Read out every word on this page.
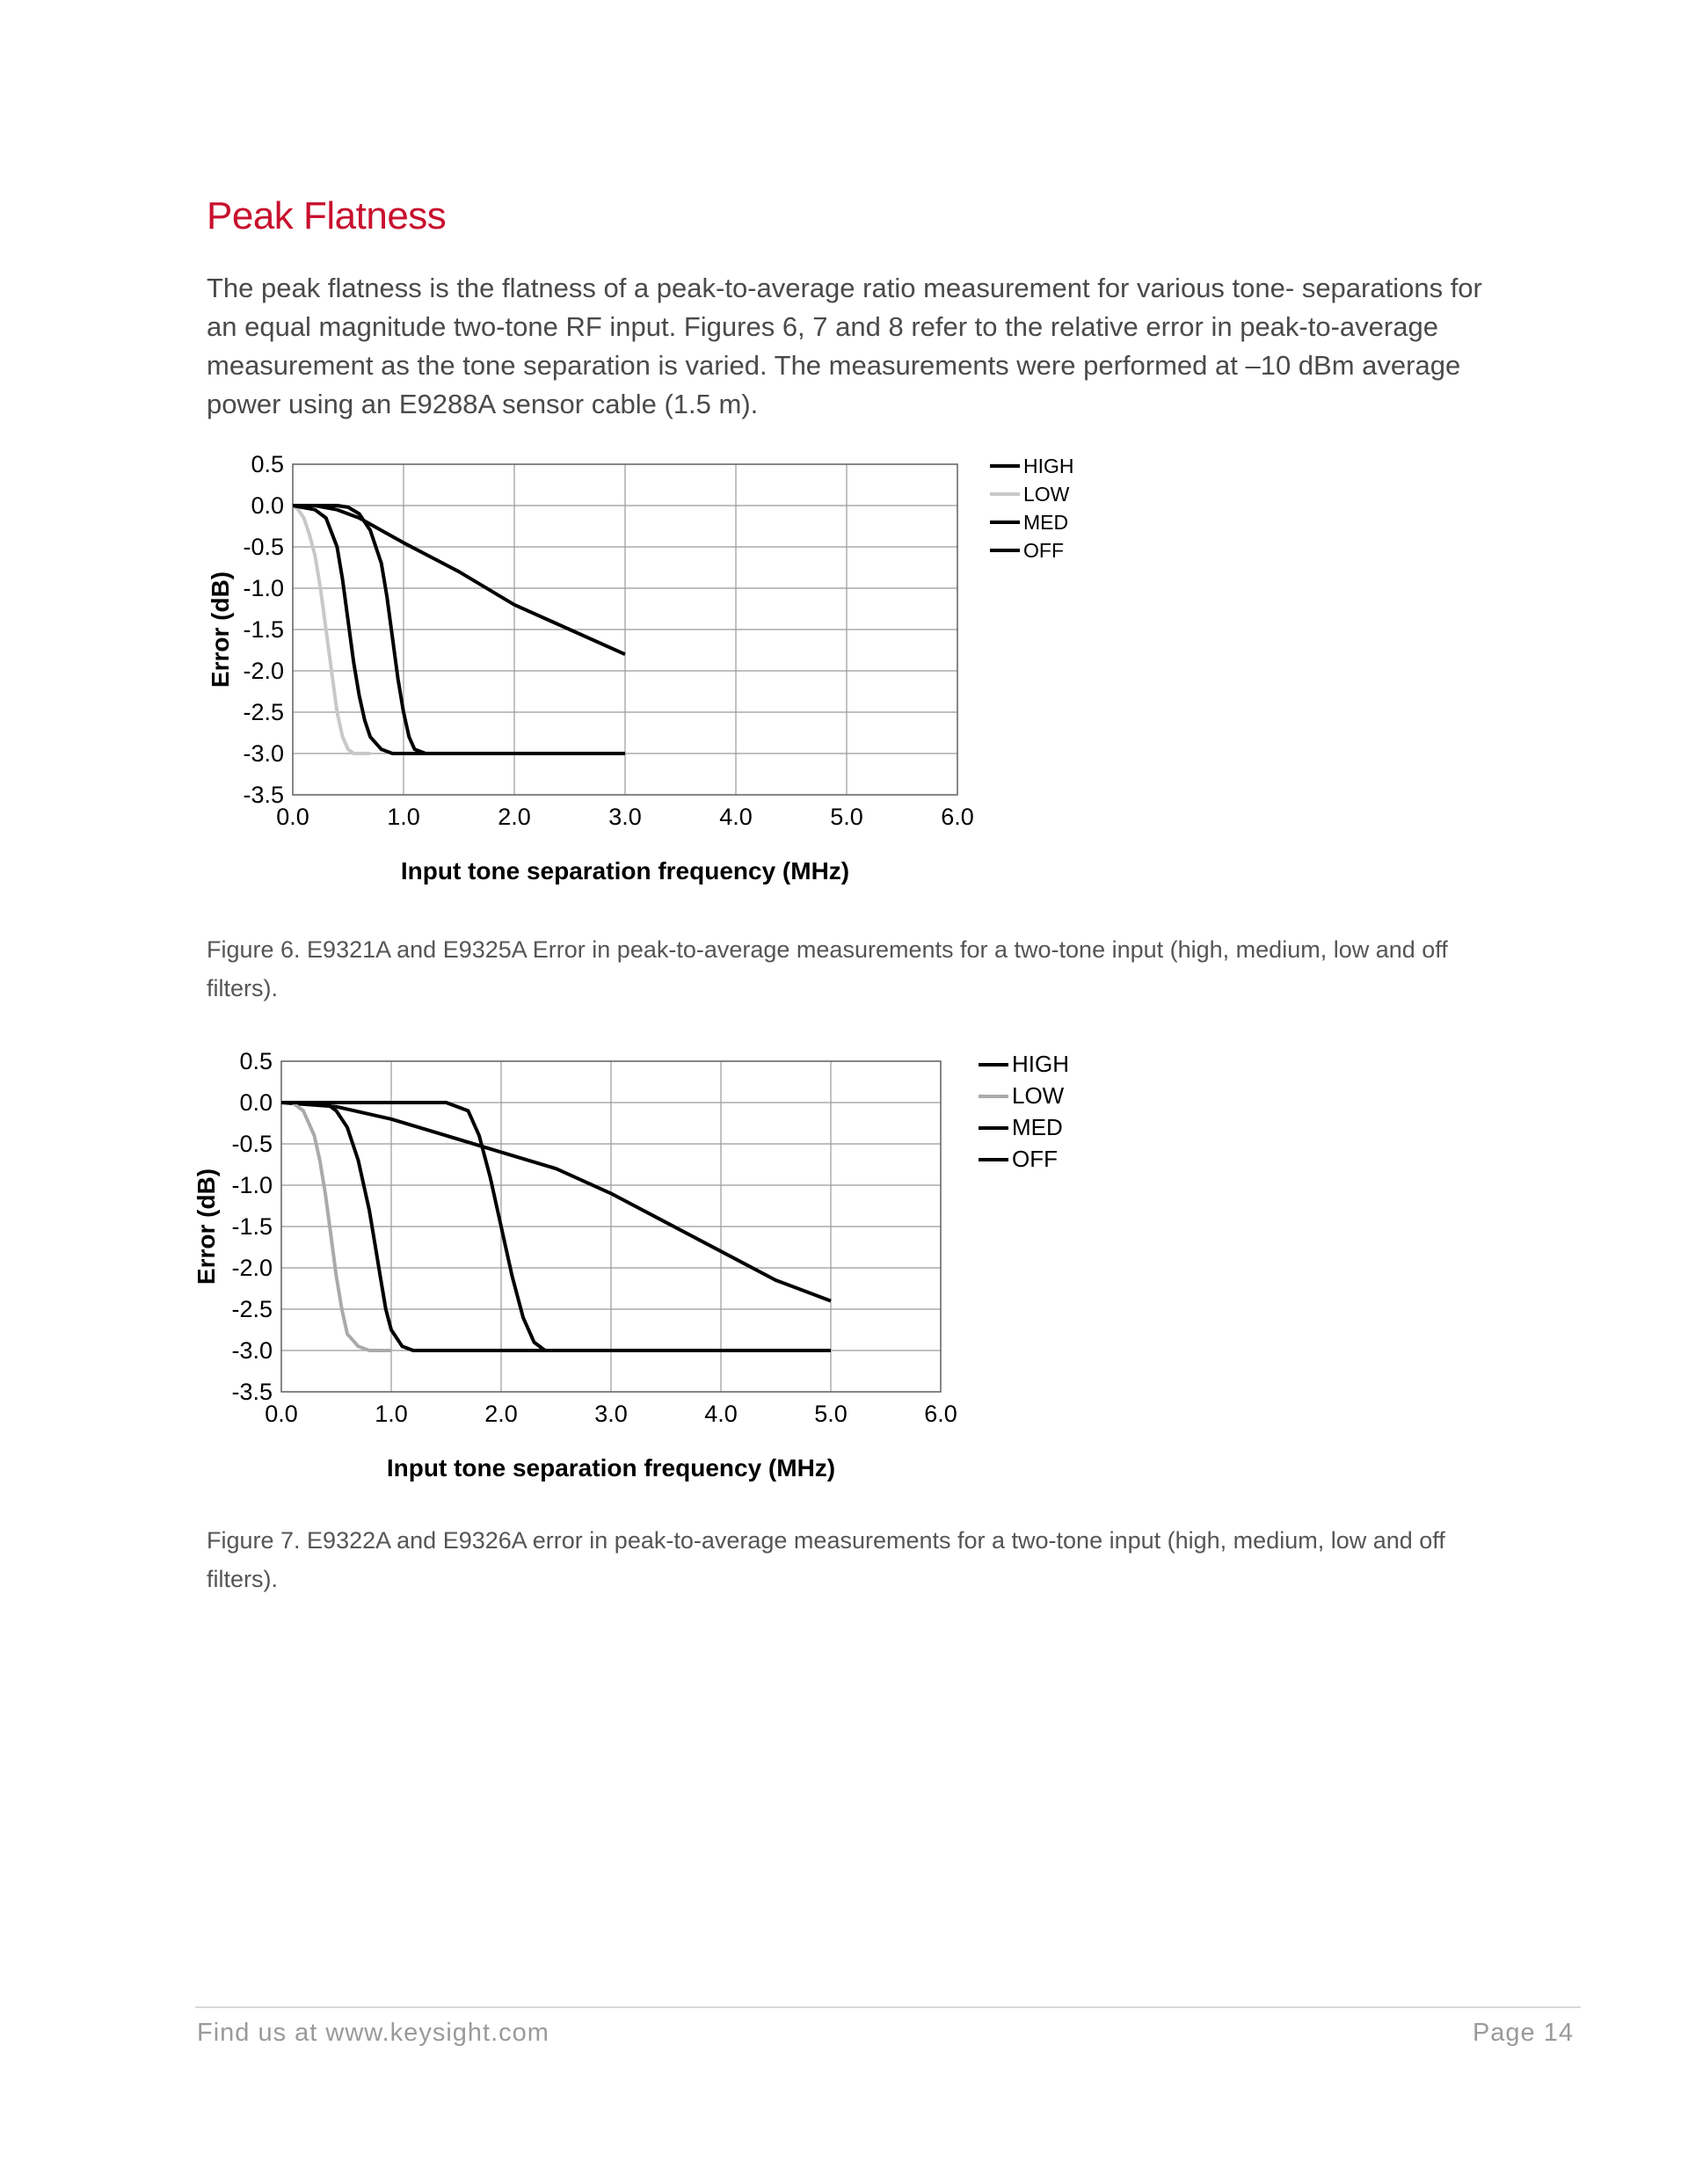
Peak Flatness
The peak flatness is the flatness of a peak-to-average ratio measurement for various tone- separations for an equal magnitude two-tone RF input. Figures 6, 7 and 8 refer to the relative error in peak-to-average measurement as the tone separation is varied. The measurements were performed at –10 dBm average power using an E9288A sensor cable (1.5 m).
0.0	1.0	2.0	3.0	4.0	5.0	6.0
0.5
0.0
-0.5
-1.0
-1.5
-2.0
-2.5
-3.0
-3.5
Input tone separation frequency (MHz)
Error (dB)
HIGH
LOW
MED
OFF
Figure 6. E9321A and E9325A Error in peak-to-average measurements for a two-tone input (high, medium, low and off filters).
0.0	1.0	2.0	3.0	4.0	5.0	6.0
0.5
0.0
-0.5
-1.0
-1.5
-2.0
-2.5
-3.0
-3.5
Input tone separation frequency (MHz)
Error (dB)
HIGH
LOW
MED
OFF
Figure 7. E9322A and E9326A error in peak-to-average measurements for a two-tone input (high, medium, low and off filters).
Find us at www.keysight.com	Page 14
